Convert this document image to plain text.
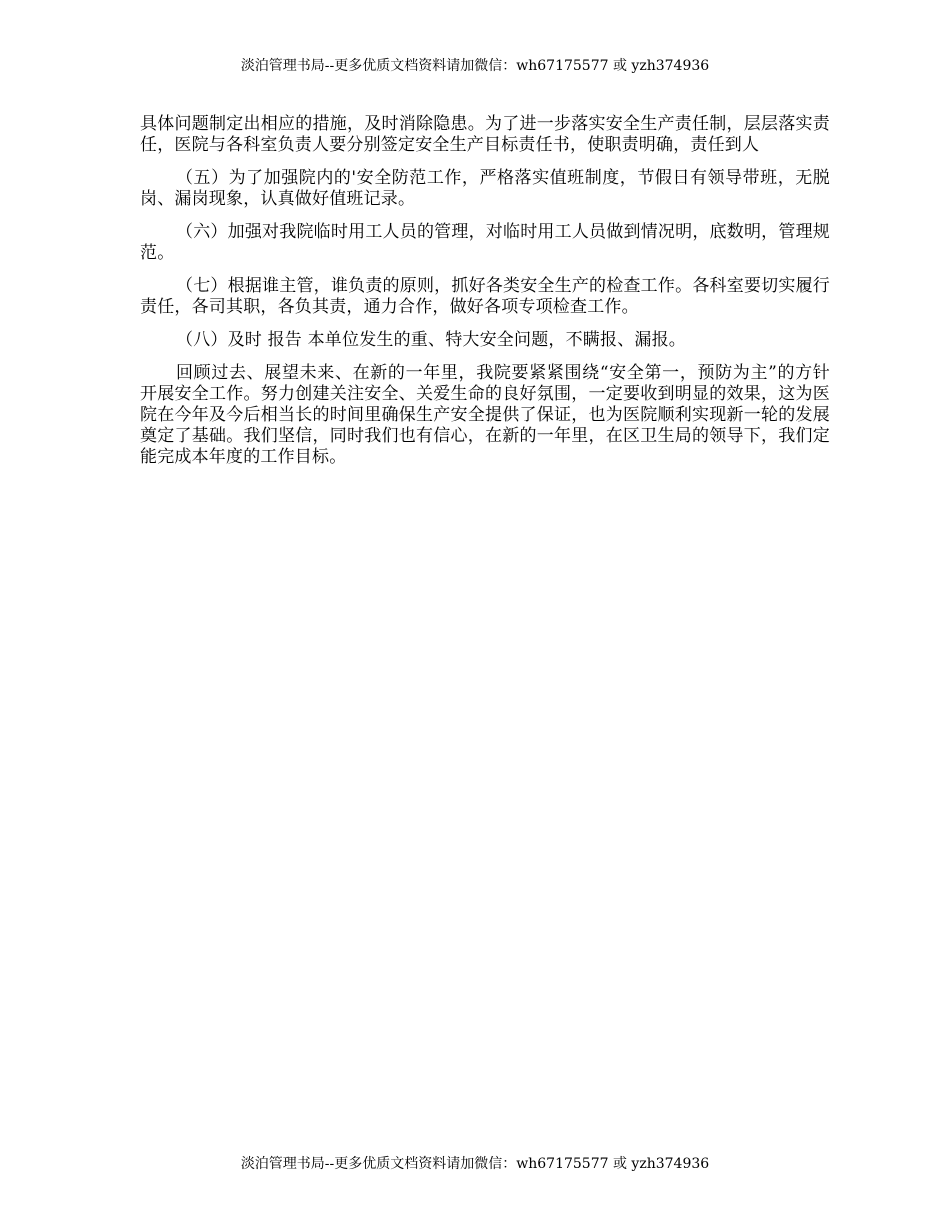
淡泊管理书局--更多优质文档资料请加微信：wh67175577 或 yzh374936

具体问题制定出相应的措施，及时消除隐患。为了进一步落实安全生产责任制，层层落实责任，医院与各科室负责人要分别签定安全生产目标责任书，使职责明确，责任到人

（五）为了加强院内的'安全防范工作，严格落实值班制度，节假日有领导带班，无脱岗、漏岗现象，认真做好值班记录。

（六）加强对我院临时用工人员的管理，对临时用工人员做到情况明，底数明，管理规范。

（七）根据谁主管，谁负责的原则，抓好各类安全生产的检查工作。各科室要切实履行责任，各司其职，各负其责，通力合作，做好各项专项检查工作。

（八）及时 报告 本单位发生的重、特大安全问题，不瞒报、漏报。

回顾过去、展望未来、在新的一年里，我院要紧紧围绕“安全第一，预防为主”的方针开展安全工作。努力创建关注安全、关爱生命的良好氛围，一定要收到明显的效果，这为医院在今年及今后相当长的时间里确保生产安全提供了保证，也为医院顺利实现新一轮的发展奠定了基础。我们坚信，同时我们也有信心，在新的一年里，在区卫生局的领导下，我们定能完成本年度的工作目标。

淡泊管理书局--更多优质文档资料请加微信：wh67175577 或 yzh374936
